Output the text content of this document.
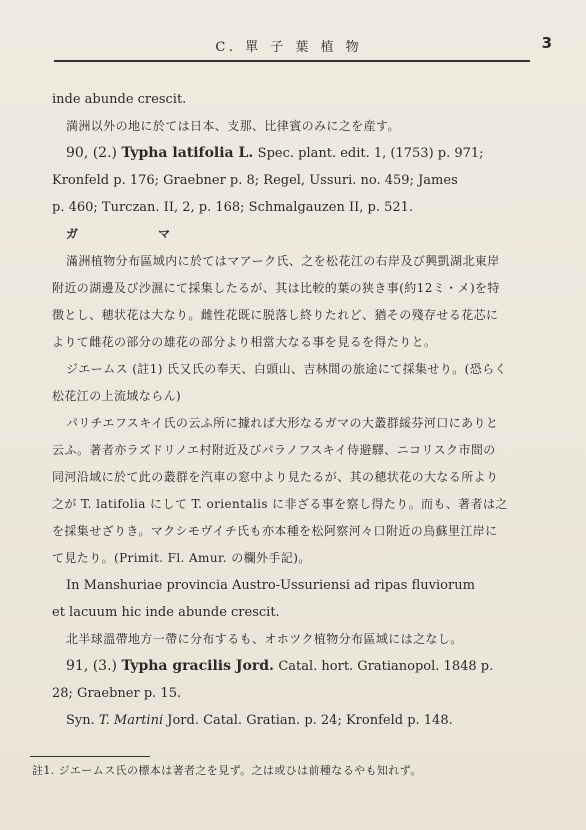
C. 單 子 葉 植 物	3

inde abunde crescit.

満洲以外の地に於ては日本、支那、比律賓のみに之を産す。

90, (2.) Typha latifolia L. Spec. plant. edit. 1, (1753) p. 971;

Kronfeld p. 176; Graebner p. 8; Regel, Ussuri. no. 459; James

p. 460; Turczan. II, 2, p. 168; Schmalgauzen II, p. 521.

ガ　マ

滿洲植物分布區域内に於てはマアーク氏、之を松花江の右岸及び興凱湖北東岸

附近の湖邊及び沙濕にて採集したるが、其は比較的葉の狭き事(約12ミ・メ)を特

徴とし、穂状花は大なり。雌性花既に脱落し終りたれど、猶その殘存せる花芯に

よりて雌花の部分の雄花の部分より相當大なる事を見るを得たりと。

ジエームス (註1) 氏又氏の奉天、白頭山、吉林間の旅途にて採集せり。(恐らく

松花江の上流域ならん)

パリチエフスキイ氏の云ふ所に據れば大形なるガマの大叢群綏芬河口にありと

云ふ。著者亦ラズドリノエ村附近及びパラノフスキイ侍避驛、ニコリスク市間の

同河沿域に於て此の叢群を汽車の窓中より見たるが、其の穂状花の大なる所より

之が T. latifolia にして T. orientalis に非ざる事を察し得たり。而も、著者は之

を採集せざりき。マクシモヴイチ氏も亦本種を松阿察河々口附近の烏蘇里江岸に

て見たり。(Primit. Fl. Amur. の欄外手記)。

In Manshuriae provincia Austro-Ussuriensi ad ripas fluviorum

et lacuum hic inde abunde crescit.

北半球溫帶地方一帶に分布するも、オホツク植物分布區域には之なし。

91, (3.) Typha gracilis Jord. Catal. hort. Gratianopol. 1848 p.

28; Graebner p. 15.

Syn. T. Martini Jord. Catal. Gratian. p. 24; Kronfeld p. 148.

註1. ジエームス氏の標本は著者之を見ず。之は或ひは前種なるやも知れず。
